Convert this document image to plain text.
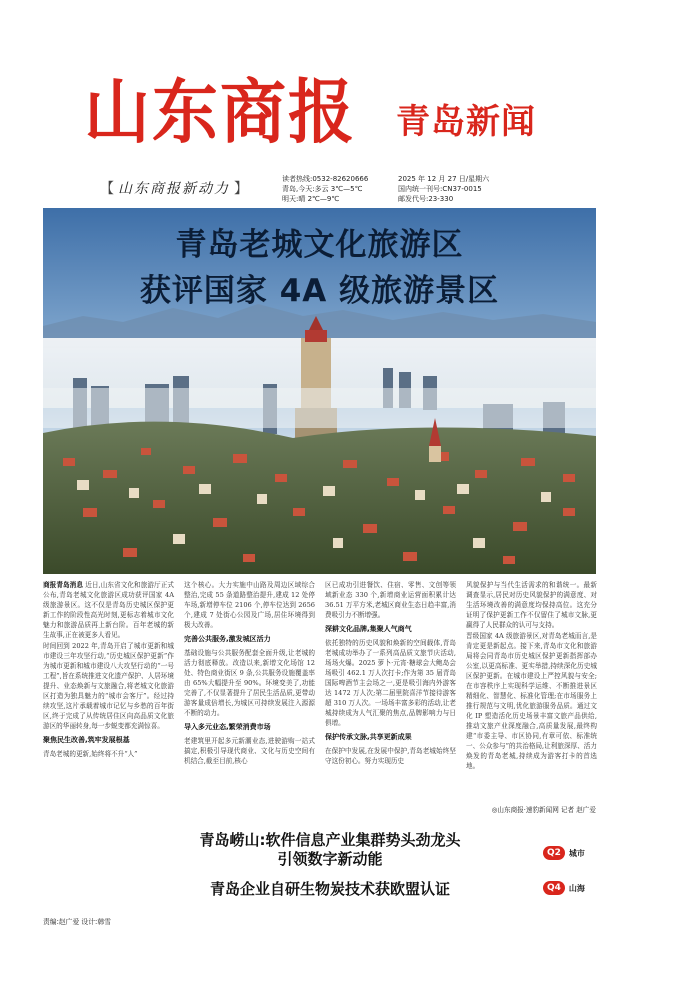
山东商报 青岛新闻
【 山东商报新动力 】
读者热线:0532-82620666
青岛,今天:多云 3℃—5℃
明天:晴 2℃—9℃
2025 年 12 月 27 日/星期六
国内统一刊号:CN37-0015
邮发代号:23-330
青岛老城文化旅游区
获评国家 4A 级旅游景区

商报青岛消息 近日,山东省文化和旅游厅正式公布,青岛老城文化旅游区成功获评国家 4A 级旅游景区。这不仅是青岛历史城区保护更新工作的阶段性高光时刻,更标志着城市文化魅力和旅游品质再上新台阶。百年老城的新生故事,正在被更多人看见。

时间回到 2022 年,青岛开启了城市更新和城市建设三年攻坚行动,“历史城区保护更新”作为城市更新和城市建设八大攻坚行动的“一号工程”,旨在系统推进文化遗产保护、人居环境提升、业态焕新与文旅融合,将老城文化旅游区打造为独具魅力的“城市会客厅”。经过持续攻坚,这片承载着城市记忆与乡愁的百年街区,终于完成了从传统居住区向高品质文化旅游区的华丽转身,每一步蜕变都充满惊喜。

聚焦民生改善,筑牢发展根基

青岛老城的更新,始终将不升“人”

这个核心。大力实施中山路及周边区域综合整治,完成 55 条道路整治提升,建成 12 处停车场,新增停车位 2106 个,停车位达到 2656 个,建成 7 处街心公园及广场,居住环境得到极大改善。

完善公共服务,激发城区活力

基础设施与公共服务配套全面升级,让老城的活力彻底释放。改造以来,新增文化场馆 12 处、特色商业街区 9 条,公共服务设施覆盖率由 65%大幅提升至 90%。环境变美了,功能完善了,不仅显著提升了居民生活品质,更带动游客量成倍增长,为城区可持续发展注入源源不断的动力。

导入多元业态,繁荣消费市场

老建筑里开起多元新潮业态,进驶游购一站式搞定,积极引导现代商业、文化与历史空间有机结合,截至目前,核心

区已成功引进餐饮、住宿、零售、文创等领域新业态 330 个,新增商业运营面积累计达 36.51 万平方米,老城区商业生态日趋丰富,消费吸引力不断增强。

深耕文化品牌,集聚人气商气

依托独特的历史风貌和焕新的空间载体,青岛老城成功举办了一系列高品质文旅节庆活动,场场火爆。2025 萝卜·元宵·糖球会大鲍岛会场吸引 462.1 万人次打卡;作为第 35 届青岛国际啤酒节主会场之一,更是吸引海内外游客达 1472 万人次;第二届里院喜洋节接待游客超 310 万人次。一场场丰富多彩的活动,让老城持续成为人气汇聚的焦点,品牌影响力与日俱增。

保护传承文脉,共享更新成果

在保护中发展,在发展中保护,青岛老城始终坚守这份初心。努力实现历史

风貌保护与当代生活需求的和谐统一。最新调查显示,居民对历史风貌保护的满意度、对生活环境改善的满意度均保持高位。这充分证明了保护更新工作不仅留住了城市文脉,更赢得了人民群众的认可与支持。

晋级国家 4A 级旅游景区,对青岛老城而言,是肯定更是新起点。接下来,青岛市文化和旅游局将会同青岛市历史城区保护更新指挥部办公室,以更高标准、更实举措,持续深化历史城区保护更新。在城市建设上严控风貌与安全;在市容秩序上实现科学运维、不断推进景区精细化、智慧化、标准化管理;在市场服务上推行规范与文明,优化旅游服务品质。通过文化 IP 塑造活化历史场景丰富文旅产品供给,推动文旅产业深度融合,高质量发展,最终构建“市委主导、市区协同,有章可依、标准统一、公众参与”的共治格局,让利旅深厚、活力焕发的青岛老城,持续成为游客打卡的首选地。

◎山东商报·速豹新闻网 记者 赵广爱
青岛崂山:软件信息产业集群势头劲龙头
引领数字新动能	Q2	城市
青岛企业自研生物炭技术获欧盟认证	Q4	山海
责编:赵广爱 设计:韩雪
